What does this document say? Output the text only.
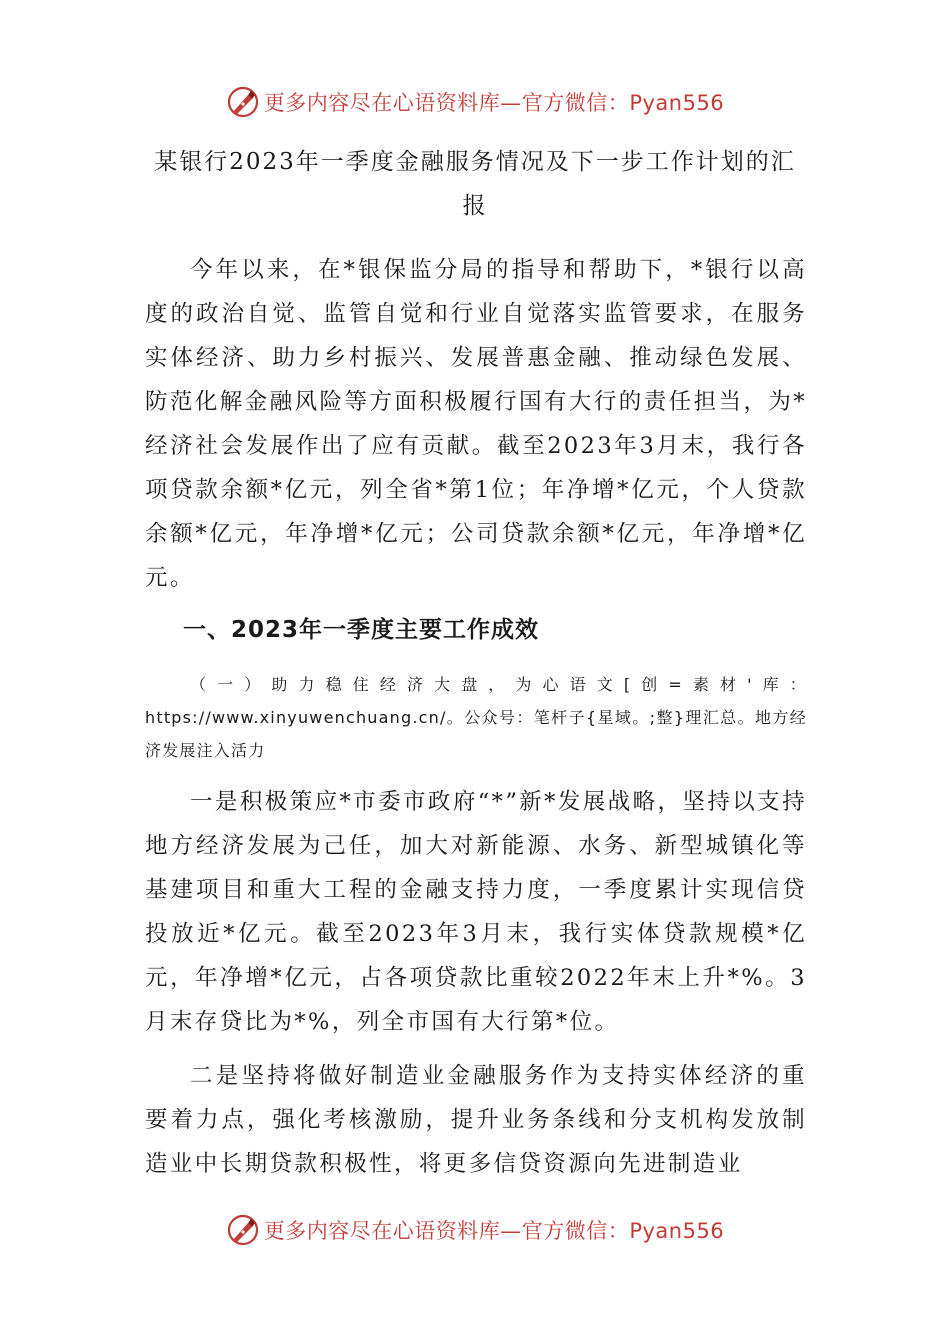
更多内容尽在心语资料库—官方微信：Pyan556
某银行2023年一季度金融服务情况及下一步工作计划的汇报

今年以来，在*银保监分局的指导和帮助下，*银行以高度的政治自觉、监管自觉和行业自觉落实监管要求，在服务实体经济、助力乡村振兴、发展普惠金融、推动绿色发展、防范化解金融风险等方面积极履行国有大行的责任担当，为*经济社会发展作出了应有贡献。截至2023年3月末，我行各项贷款余额*亿元，列全省*第1位；年净增*亿元，个人贷款余额*亿元，年净增*亿元；公司贷款余额*亿元，年净增*亿元。

一、2023年一季度主要工作成效

（一）助力稳住经济大盘，为心语文[创=素材'库：https://www.xinyuwenchuang.cn/。公众号：笔杆子{星域。;整}理汇总。地方经济发展注入活力

一是积极策应*市委市政府“*”新*发展战略，坚持以支持地方经济发展为己任，加大对新能源、水务、新型城镇化等基建项目和重大工程的金融支持力度，一季度累计实现信贷投放近*亿元。截至2023年3月末，我行实体贷款规模*亿元，年净增*亿元，占各项贷款比重较2022年末上升*%。3月末存贷比为*%，列全市国有大行第*位。

二是坚持将做好制造业金融服务作为支持实体经济的重要着力点，强化考核激励，提升业务条线和分支机构发放制造业中长期贷款积极性，将更多信贷资源向先进制造业

更多内容尽在心语资料库—官方微信：Pyan556
